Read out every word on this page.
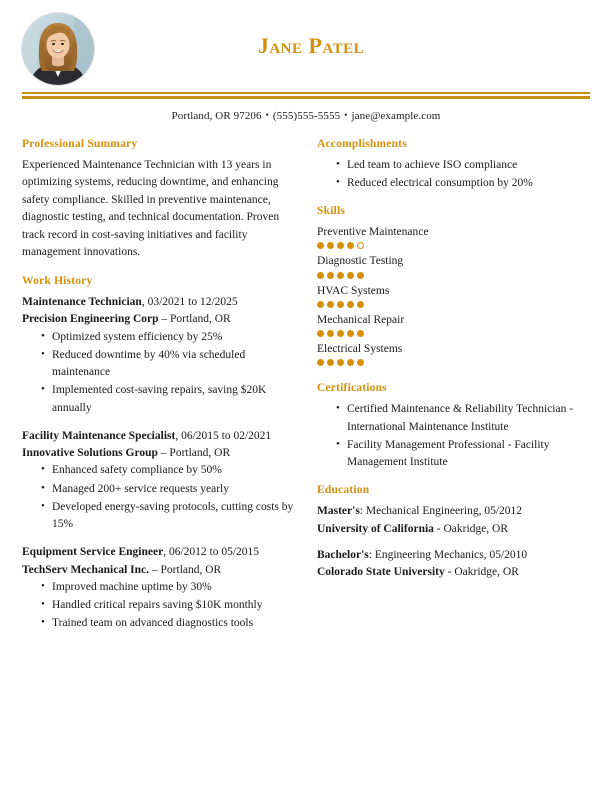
Jane Patel
Portland, OR 97206 • (555)555-5555 • jane@example.com
Professional Summary

Experienced Maintenance Technician with 13 years in optimizing systems, reducing downtime, and enhancing safety compliance. Skilled in preventive maintenance, diagnostic testing, and technical documentation. Proven track record in cost-saving initiatives and facility management innovations.

Work History
Maintenance Technician, 03/2021 to 12/2025
Precision Engineering Corp – Portland, OR
• Optimized system efficiency by 25%
• Reduced downtime by 40% via scheduled maintenance
• Implemented cost-saving repairs, saving $20K annually
Facility Maintenance Specialist, 06/2015 to 02/2021
Innovative Solutions Group – Portland, OR
• Enhanced safety compliance by 50%
• Managed 200+ service requests yearly
• Developed energy-saving protocols, cutting costs by 15%
Equipment Service Engineer, 06/2012 to 05/2015
TechServ Mechanical Inc. – Portland, OR
• Improved machine uptime by 30%
• Handled critical repairs saving $10K monthly
• Trained team on advanced diagnostics tools
Accomplishments
• Led team to achieve ISO compliance
• Reduced electrical consumption by 20%
Skills
Preventive Maintenance
Diagnostic Testing
HVAC Systems
Mechanical Repair
Electrical Systems
Certifications
• Certified Maintenance & Reliability Technician - International Maintenance Institute
• Facility Management Professional - Facility Management Institute
Education

Master's: Mechanical Engineering, 05/2012

University of California - Oakridge, OR

Bachelor's: Engineering Mechanics, 05/2010

Colorado State University - Oakridge, OR
